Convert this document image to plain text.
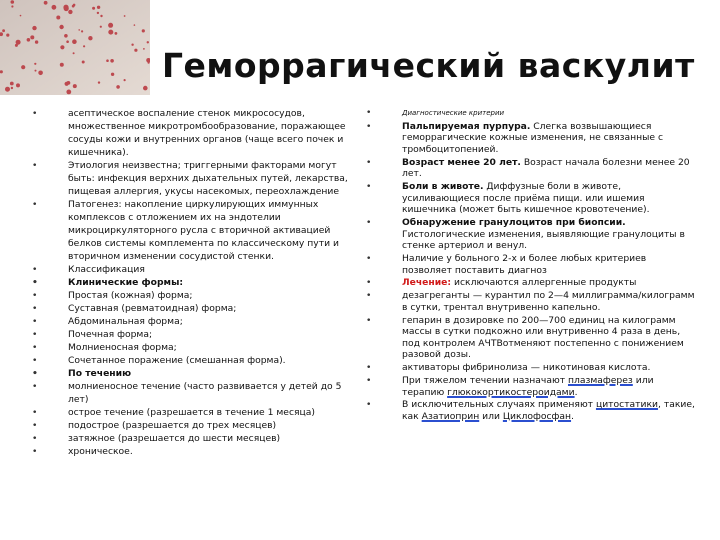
Геморрагический васкулит
• асептическое воспаление стенок микрососудов, множественное микротромбообразование, поражающее сосуды кожи и внутренних органов (чаще всего почек и кишечника).
• Этиология неизвестна; триггерными факторами могут быть: инфекция верхних дыхательных путей, лекарства, пищевая аллергия, укусы насекомых, переохлаждение
• Патогенез: накопление циркулирующих иммунных комплексов с отложением их на эндотелии микроциркуляторного русла с вторичной активацией белков системы комплемента по классическому пути и вторичном изменении сосудистой стенки.
• Классификация
• Клинические формы:
• Простая (кожная) форма;
• Суставная (ревматоидная) форма;
• Абдоминальная форма;
• Почечная форма;
• Молниеносная форма;
• Сочетанное поражение (смешанная форма).
• По течению
• молниеносное течение (часто развивается у детей до 5 лет)
• острое течение (разрешается в течение 1 месяца)
• подострое (разрешается до трех месяцев)
• затяжное (разрешается до шести месяцев)
• хроническое.
• Диагностические критерии
• Пальпируемая пурпура. Слегка возвышающиеся геморрагические кожные изменения, не связанные с тромбоцитопенией.
• Возраст менее 20 лет. Возраст начала болезни менее 20 лет.
• Боли в животе. Диффузные боли в животе, усиливающиеся после приёма пищи. или ишемия кишечника (может быть кишечное кровотечение).
• Обнаружение гранулоцитов при биопсии. Гистологические изменения, выявляющие гранулоциты в стенке артериол и венул.
• Наличие у больного 2-х и более любых критериев позволяет поставить диагноз
• Лечение: исключаются аллергенные продукты
• дезагреганты — курантил по 2—4 миллиграмма/килограмм в сутки, трентал внутривенно капельно.
• гепарин в дозировке по 200—700 единиц на килограмм массы в сутки подкожно или внутривенно 4 раза в день, под контролем АЧТВотменяют постепенно с понижением разовой дозы.
• активаторы фибринолиза — никотиновая кислота.
• При тяжелом течении назначают плазмаферез или терапию глюкокортикостероидами.
• В исключительных случаях применяют цитостатики, такие, как Азатиоприн или Циклофосфан.
